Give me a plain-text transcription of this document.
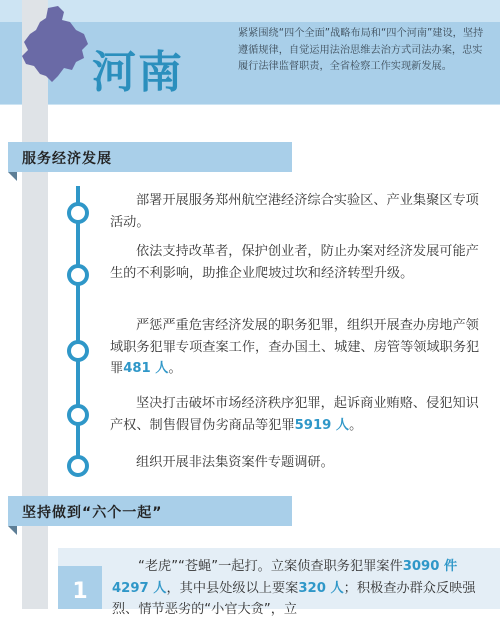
河南
紧紧围绕“四个全面”战略布局和“四个河南”建设，坚持遵循规律，自觉运用法治思维去治方式司法办案，忠实履行法律监督职责，全省检察工作实现新发展。
服务经济发展
部署开展服务郑州航空港经济综合实验区、产业集聚区专项活动。
依法支持改革者，保护创业者，防止办案对经济发展可能产生的不利影响，助推企业爬坡过坎和经济转型升级。
严惩严重危害经济发展的职务犯罪，组织开展查办房地产领域职务犯罪专项查案工作，查办国土、城建、房管等领域职务犯罪481 人。
坚决打击破坏市场经济秩序犯罪，起诉商业贿赂、侵犯知识产权、制售假冒伪劣商品等犯罪5919 人。
组织开展非法集资案件专题调研。
坚持做到“六个一起”
1
“老虎”“苍蝇”一起打。立案侦查职务犯罪案件3090 件 4297 人，其中县处级以上要案320 人；积极查办群众反映强烈、情节恶劣的“小官大贪”，立
